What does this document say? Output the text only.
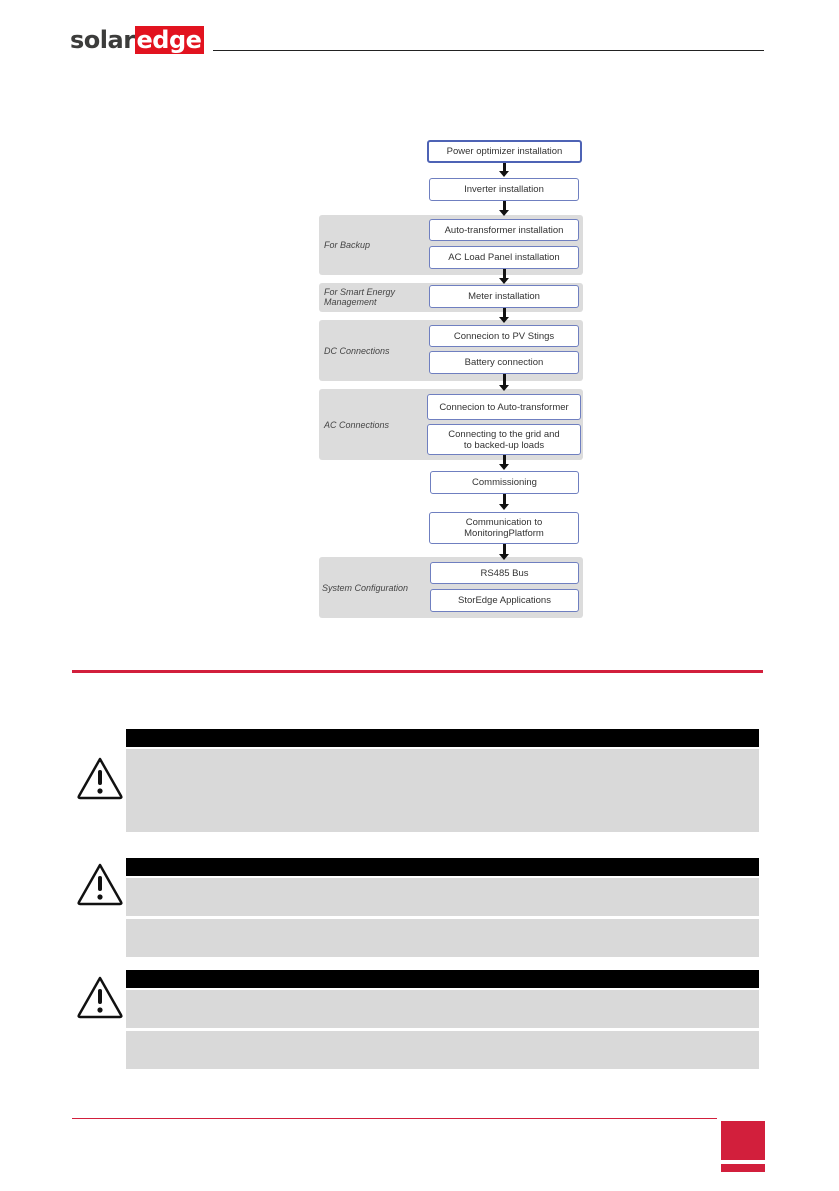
solar edge
For Backup
For Smart Energy
Management
DC Connections
AC Connections
System Configuration
Power optimizer installation
Inverter installation
Auto-transformer installation
AC Load Panel installation
Meter installation
Connecion to PV Stings
Battery connection
Connecion to Auto-transformer
Connecting to the grid and
to backed-up loads
Commissioning
Communication to
MonitoringPlatform
RS485 Bus
StorEdge Applications
